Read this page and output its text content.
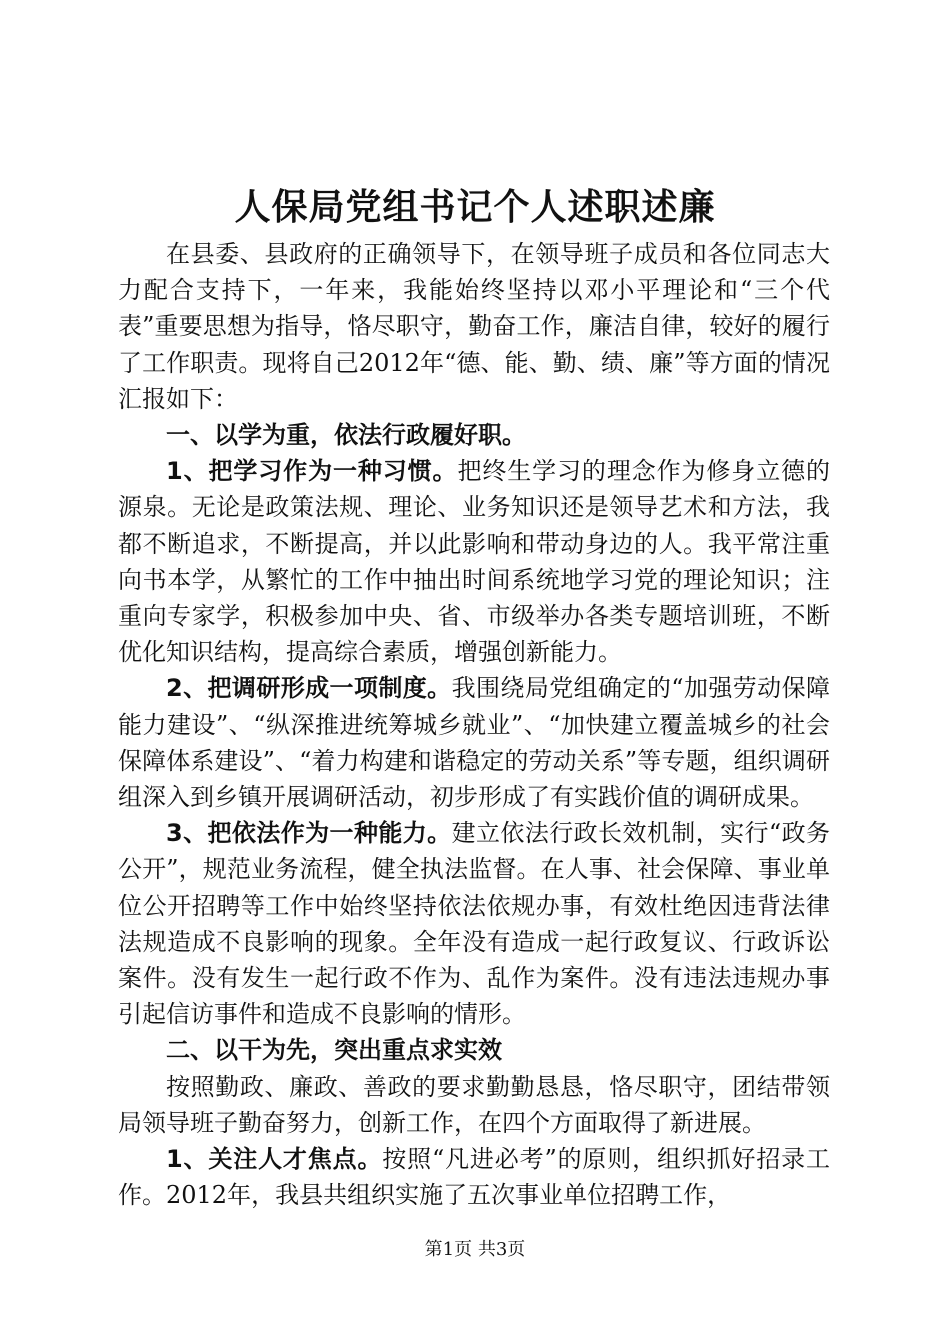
人保局党组书记个人述职述廉

在县委、县政府的正确领导下，在领导班子成员和各位同志大力配合支持下，一年来，我能始终坚持以邓小平理论和“三个代表”重要思想为指导，恪尽职守，勤奋工作，廉洁自律，较好的履行了工作职责。现将自己2012年“德、能、勤、绩、廉”等方面的情况汇报如下：

一、以学为重，依法行政履好职。

1、把学习作为一种习惯。把终生学习的理念作为修身立德的源泉。无论是政策法规、理论、业务知识还是领导艺术和方法，我都不断追求，不断提高，并以此影响和带动身边的人。我平常注重向书本学，从繁忙的工作中抽出时间系统地学习党的理论知识；注重向专家学，积极参加中央、省、市级举办各类专题培训班，不断优化知识结构，提高综合素质，增强创新能力。

2、把调研形成一项制度。我围绕局党组确定的“加强劳动保障能力建设”、“纵深推进统筹城乡就业”、“加快建立覆盖城乡的社会保障体系建设”、“着力构建和谐稳定的劳动关系”等专题，组织调研组深入到乡镇开展调研活动，初步形成了有实践价值的调研成果。

3、把依法作为一种能力。建立依法行政长效机制，实行“政务公开”，规范业务流程，健全执法监督。在人事、社会保障、事业单位公开招聘等工作中始终坚持依法依规办事，有效杜绝因违背法律法规造成不良影响的现象。全年没有造成一起行政复议、行政诉讼案件。没有发生一起行政不作为、乱作为案件。没有违法违规办事引起信访事件和造成不良影响的情形。

二、以干为先，突出重点求实效

按照勤政、廉政、善政的要求勤勤恳恳，恪尽职守，团结带领局领导班子勤奋努力，创新工作，在四个方面取得了新进展。

1、关注人才焦点。按照“凡进必考”的原则，组织抓好招录工作。2012年，我县共组织实施了五次事业单位招聘工作，

第1页 共3页
